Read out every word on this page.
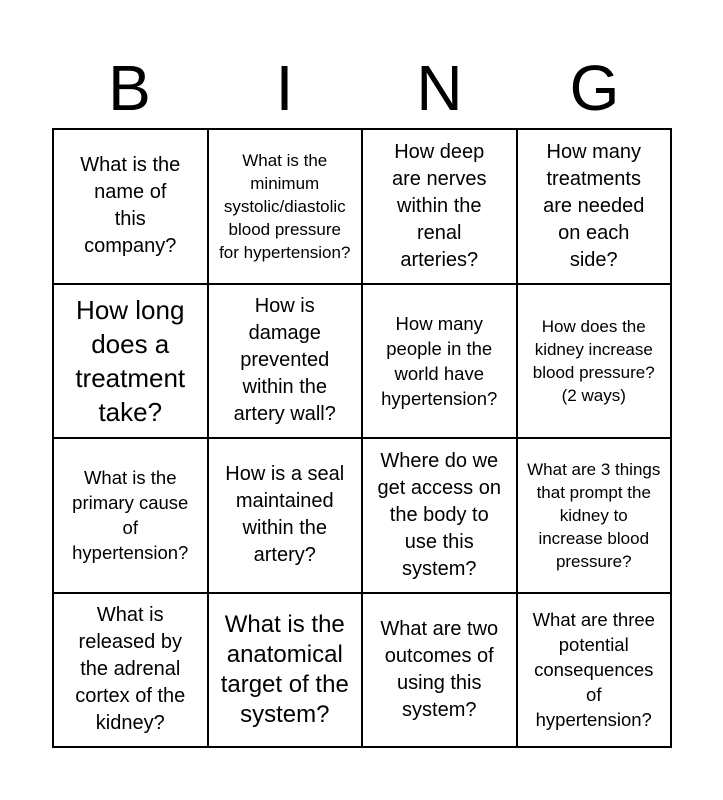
B	I	N	G
What is the name of this company?
What is the minimum systolic/diastolic blood pressure for hypertension?
How deep are nerves within the renal arteries?
How many treatments are needed on each side?
How long does a treatment take?
How is damage prevented within the artery wall?
How many people in the world have hypertension?
How does the kidney increase blood pressure? (2 ways)
What is the primary cause of hypertension?
How is a seal maintained within the artery?
Where do we get access on the body to use this system?
What are 3 things that prompt the kidney to increase blood pressure?
What is released by the adrenal cortex of the kidney?
What is the anatomical target of the system?
What are two outcomes of using this system?
What are three potential consequences of hypertension?
